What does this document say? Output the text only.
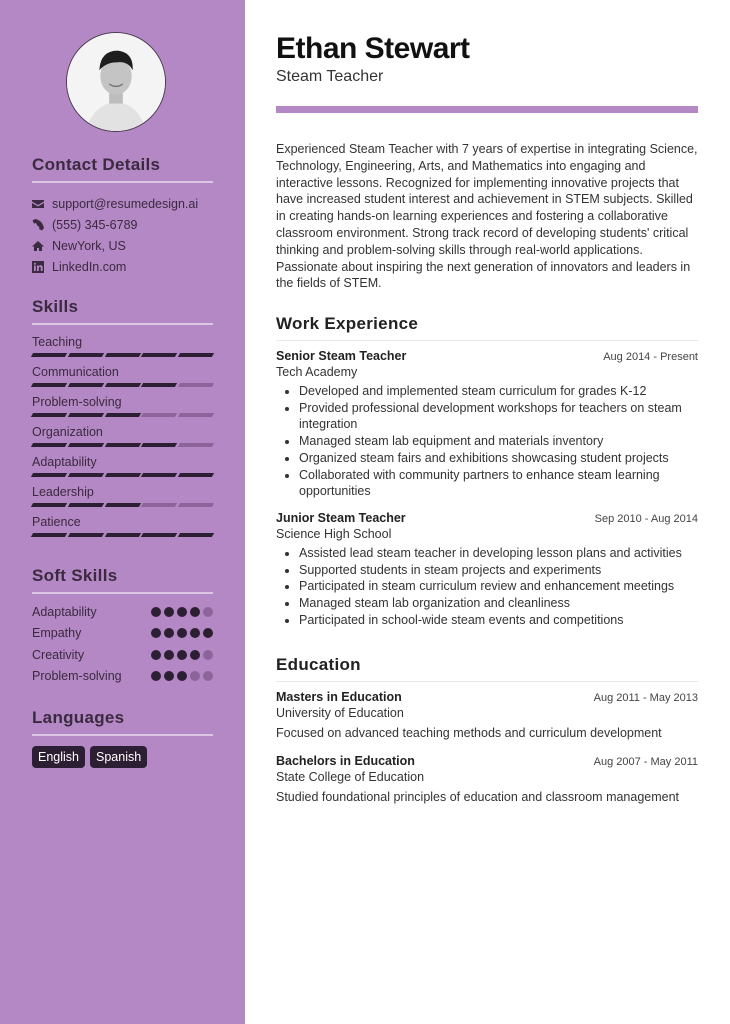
Contact Details
support@resumedesign.ai
(555) 345-6789
NewYork, US
LinkedIn.com
Skills
Teaching
Communication
Problem-solving
Organization
Adaptability
Leadership
Patience
Soft Skills
Adaptability
Empathy
Creativity
Problem-solving
Languages
English	Spanish
Ethan Stewart
Steam Teacher

Experienced Steam Teacher with 7 years of expertise in integrating Science, Technology, Engineering, Arts, and Mathematics into engaging and interactive lessons. Recognized for implementing innovative projects that have increased student interest and achievement in STEM subjects. Skilled in creating hands-on learning experiences and fostering a collaborative classroom environment. Strong track record of developing students' critical thinking and problem-solving skills through real-world applications. Passionate about inspiring the next generation of innovators and leaders in the fields of STEM.

Work Experience
Senior Steam Teacher	Aug 2014 - Present
Tech Academy
• Developed and implemented steam curriculum for grades K-12
• Provided professional development workshops for teachers on steam integration
• Managed steam lab equipment and materials inventory
• Organized steam fairs and exhibitions showcasing student projects
• Collaborated with community partners to enhance steam learning opportunities
Junior Steam Teacher	Sep 2010 - Aug 2014
Science High School
• Assisted lead steam teacher in developing lesson plans and activities
• Supported students in steam projects and experiments
• Participated in steam curriculum review and enhancement meetings
• Managed steam lab organization and cleanliness
• Participated in school-wide steam events and competitions
Education
Masters in Education	Aug 2011 - May 2013
University of Education
Focused on advanced teaching methods and curriculum development
Bachelors in Education	Aug 2007 - May 2011
State College of Education
Studied foundational principles of education and classroom management
